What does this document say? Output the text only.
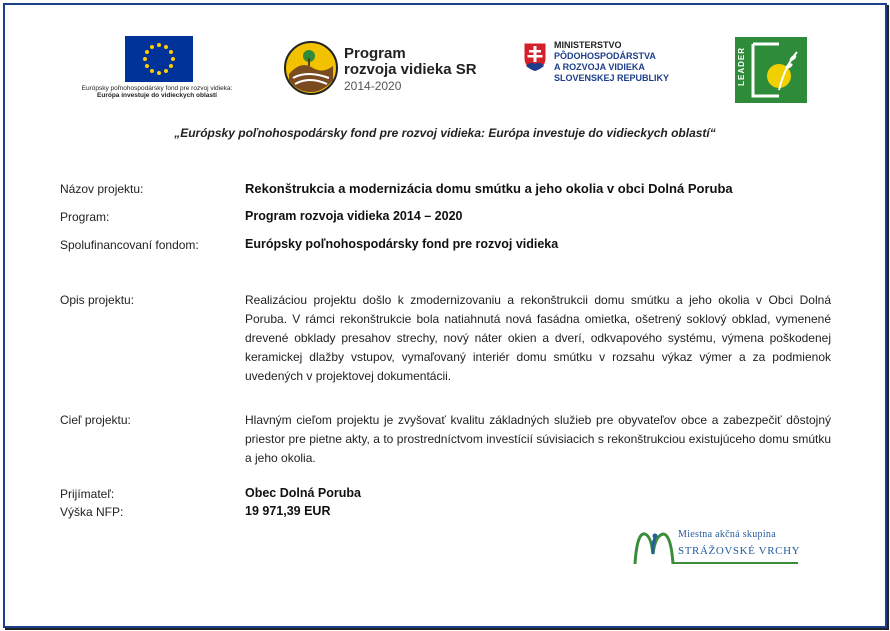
Európsky poľnohospodársky fond pre rozvoj vidieka:
Európa investuje do vidieckych oblastí
Program
rozvoja vidieka SR
2014-2020
MINISTERSTVO
PÔDOHOSPODÁRSTVA
A ROZVOJA VIDIEKA
SLOVENSKEJ REPUBLIKY	LEADER
„Európsky poľnohospodársky fond pre rozvoj vidieka: Európa investuje do vidieckych oblastí“
Názov projektu:	Rekonštrukcia a modernizácia domu smútku a jeho okolia v obci Dolná Poruba
Program:	Program rozvoja vidieka 2014 – 2020
Spolufinancovaní fondom:	Európsky poľnohospodársky fond pre rozvoj vidieka
Opis projektu:	Realizáciou projektu došlo k zmodernizovaniu a rekonštrukcii domu smútku a jeho okolia v Obci Dolná Poruba. V rámci rekonštrukcie bola natiahnutá nová fasádna omietka, ošetrený soklový obklad, vymenené drevené obklady presahov strechy, nový náter okien a dverí, odkvapového systému, výmena poškodenej keramickej dlažby vstupov, vymaľovaný interiér domu smútku v rozsahu výkaz výmer a za podmienok uvedených v projektovej dokumentácii.
Cieľ projektu:	Hlavným cieľom projektu je zvyšovať kvalitu základných služieb pre obyvateľov obce a zabezpečiť dôstojný priestor pre pietne akty, a to prostredníctvom investícií súvisiacich s rekonštrukciou existujúceho domu smútku a jeho okolia.
Prijímateľ:	Obec Dolná Poruba
Výška NFP:	19 971,39 EUR
Miestna akčná skupina
STRÁŽOVSKÉ VRCHY
